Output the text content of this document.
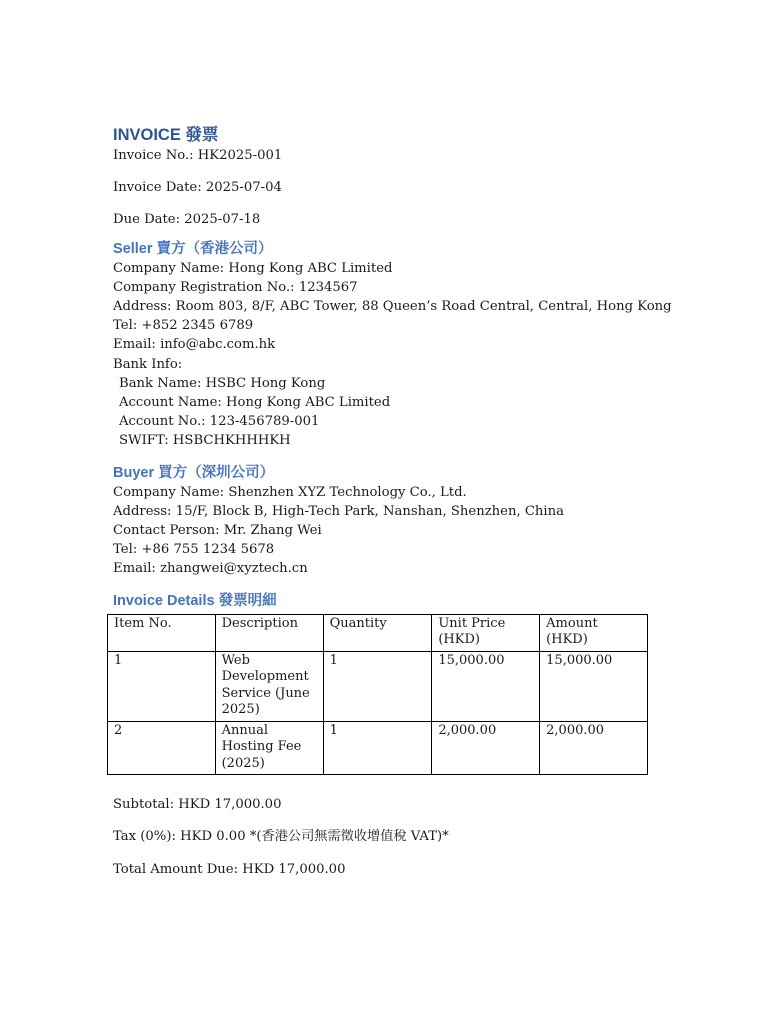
INVOICE 發票

Invoice No.: HK2025-001

Invoice Date: 2025-07-04

Due Date: 2025-07-18

Seller 賣方（香港公司）

Company Name: Hong Kong ABC Limited

Company Registration No.: 1234567

Address: Room 803, 8/F, ABC Tower, 88 Queen’s Road Central, Central, Hong Kong

Tel: +852 2345 6789

Email: info@abc.com.hk

Bank Info:

Bank Name: HSBC Hong Kong

Account Name: Hong Kong ABC Limited

Account No.: 123-456789-001

SWIFT: HSBCHKHHHKH

Buyer 買方（深圳公司）

Company Name: Shenzhen XYZ Technology Co., Ltd.

Address: 15/F, Block B, High-Tech Park, Nanshan, Shenzhen, China

Contact Person: Mr. Zhang Wei

Tel: +86 755 1234 5678

Email: zhangwei@xyztech.cn

Invoice Details 發票明細
Item No.	Description	Quantity	Unit Price (HKD)	Amount (HKD)
1	Web Development Service (June 2025)	1	15,000.00	15,000.00
2	Annual Hosting Fee (2025)	1	2,000.00	2,000.00

Subtotal: HKD 17,000.00

Tax (0%): HKD 0.00 *(香港公司無需徵收增值稅 VAT)*

Total Amount Due: HKD 17,000.00
